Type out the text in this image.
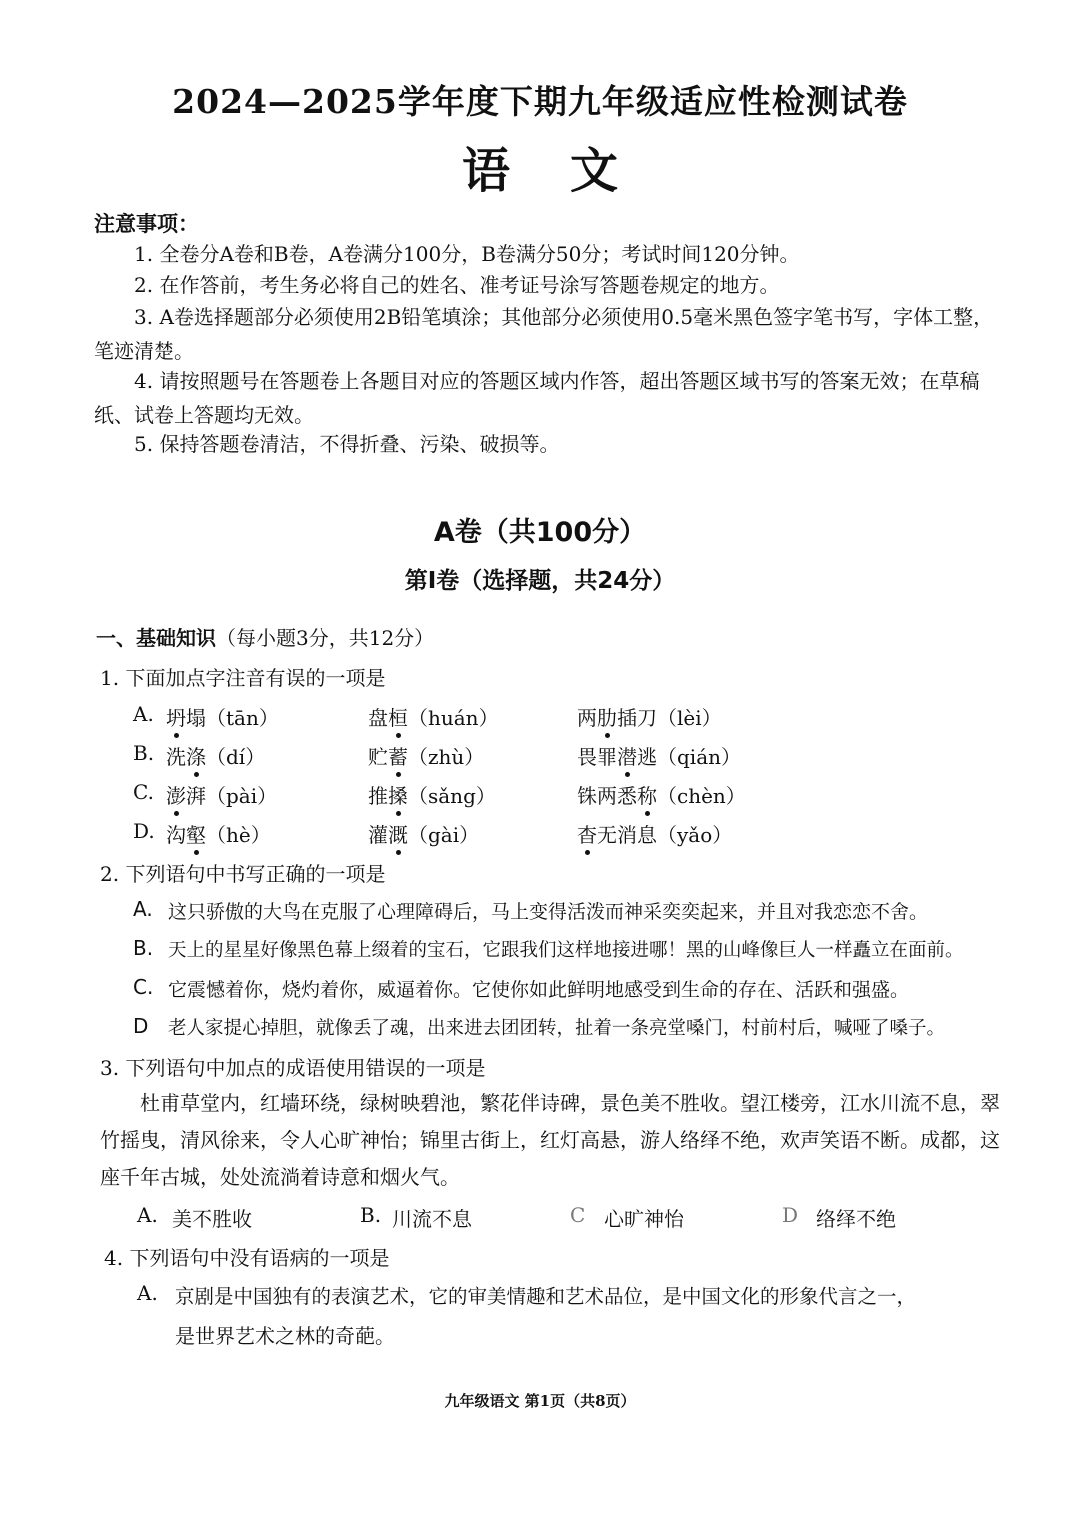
2024—2025学年度下期九年级适应性检测试卷
语文
注意事项：
1. 全卷分A卷和B卷，A卷满分100分，B卷满分50分；考试时间120分钟。
2. 在作答前，考生务必将自己的姓名、准考证号涂写答题卷规定的地方。
3. A卷选择题部分必须使用2B铅笔填涂；其他部分必须使用0.5毫米黑色签字笔书写，字体工整，笔迹清楚。
4. 请按照题号在答题卷上各题目对应的答题区域内作答，超出答题区域书写的答案无效；在草稿纸、试卷上答题均无效。
5. 保持答题卷清洁，不得折叠、污染、破损等。
A卷（共100分）
第Ⅰ卷（选择题，共24分）
一、基础知识（每小题3分，共12分）
1. 下面加点字注音有误的一项是
A. 坍塌（tān）	盘桓（huán）	两肋插刀（lèi）
B. 洗涤（dí）	贮蓄（zhù）	畏罪潜逃（qián）
C. 澎湃（pài）	推搡（sǎng）	铢两悉称（chèn）
D. 沟壑（hè）	灌溉（gài）	杳无消息（yǎo）
2. 下列语句中书写正确的一项是
A. 这只骄傲的大鸟在克服了心理障碍后，马上变得活泼而神采奕奕起来，并且对我恋恋不舍。
B. 天上的星星好像黑色幕上缀着的宝石，它跟我们这样地接进哪！黑的山峰像巨人一样矗立在面前。
C. 它震憾着你，烧灼着你，威逼着你。它使你如此鲜明地感受到生命的存在、活跃和强盛。
D 老人家提心掉胆，就像丢了魂，出来进去团团转，扯着一条亮堂嗓门，村前村后，喊哑了嗓子。
3. 下列语句中加点的成语使用错误的一项是
杜甫草堂内，红墙环绕，绿树映碧池，繁花伴诗碑，景色美不胜收。望江楼旁，江水川流不息，翠竹摇曳，清风徐来，令人心旷神怡；锦里古街上，红灯高悬，游人络绎不绝，欢声笑语不断。成都，这座千年古城，处处流淌着诗意和烟火气。
A. 美不胜收	B. 川流不息	C 心旷神怡	D 络绎不绝
4. 下列语句中没有语病的一项是
A. 京剧是中国独有的表演艺术，它的审美情趣和艺术品位，是中国文化的形象代言之一，
是世界艺术之林的奇葩。
九年级语文 第1页（共8页）
